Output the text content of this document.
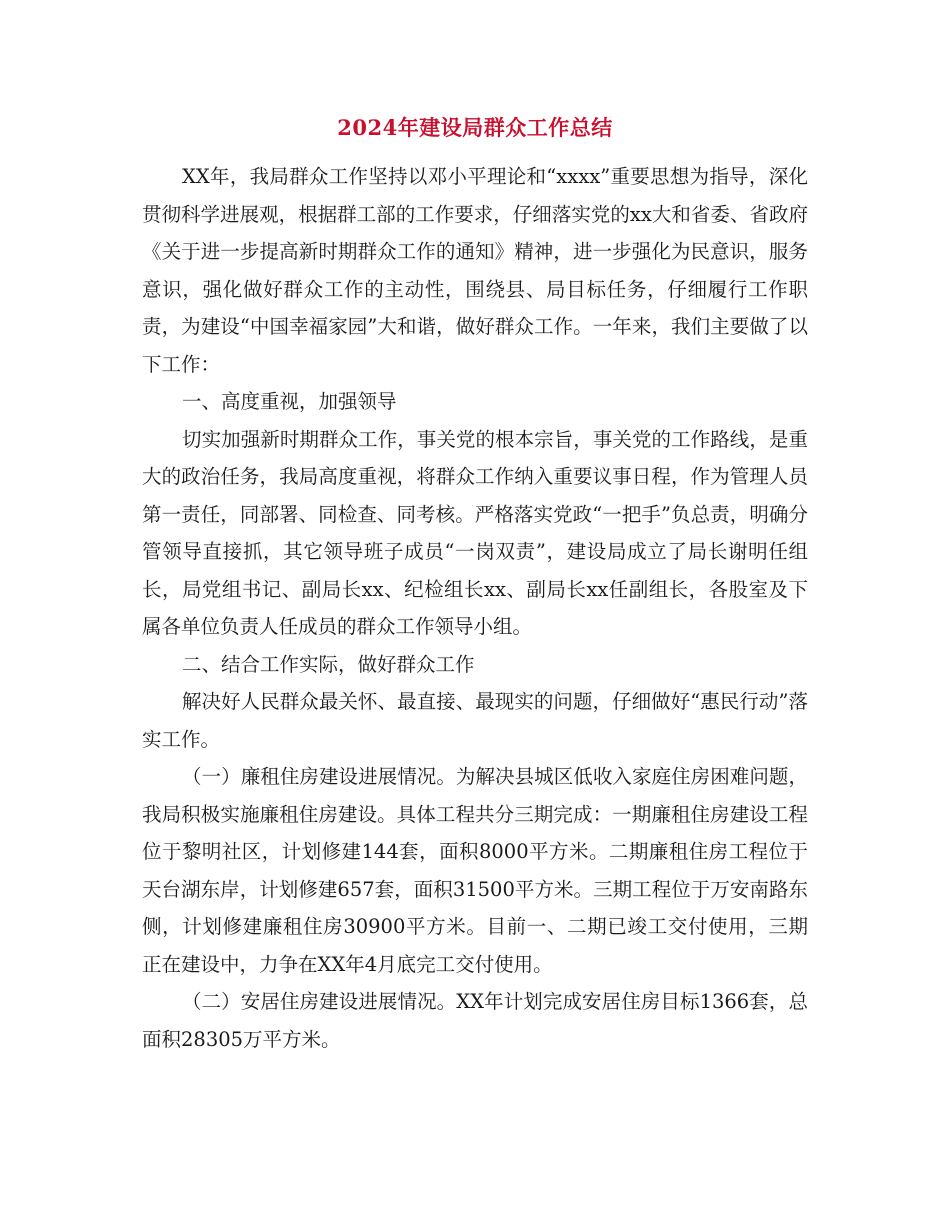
2024年建设局群众工作总结

XX年，我局群众工作坚持以邓小平理论和“xxxx”重要思想为指导，深化贯彻科学进展观，根据群工部的工作要求，仔细落实党的xx大和省委、省政府《关于进一步提高新时期群众工作的通知》精神，进一步强化为民意识，服务意识，强化做好群众工作的主动性，围绕县、局目标任务，仔细履行工作职责，为建设“中国幸福家园”大和谐，做好群众工作。一年来，我们主要做了以下工作：

一、高度重视，加强领导

切实加强新时期群众工作，事关党的根本宗旨，事关党的工作路线，是重大的政治任务，我局高度重视，将群众工作纳入重要议事日程，作为管理人员第一责任，同部署、同检查、同考核。严格落实党政“一把手”负总责，明确分管领导直接抓，其它领导班子成员“一岗双责”，建设局成立了局长谢明任组长，局党组书记、副局长xx、纪检组长xx、副局长xx任副组长，各股室及下属各单位负责人任成员的群众工作领导小组。

二、结合工作实际，做好群众工作

解决好人民群众最关怀、最直接、最现实的问题，仔细做好“惠民行动”落实工作。

（一）廉租住房建设进展情况。为解决县城区低收入家庭住房困难问题，我局积极实施廉租住房建设。具体工程共分三期完成：一期廉租住房建设工程位于黎明社区，计划修建144套，面积8000平方米。二期廉租住房工程位于天台湖东岸，计划修建657套，面积31500平方米。三期工程位于万安南路东侧，计划修建廉租住房30900平方米。目前一、二期已竣工交付使用，三期正在建设中，力争在XX年4月底完工交付使用。

（二）安居住房建设进展情况。XX年计划完成安居住房目标1366套，总面积28305万平方米。
